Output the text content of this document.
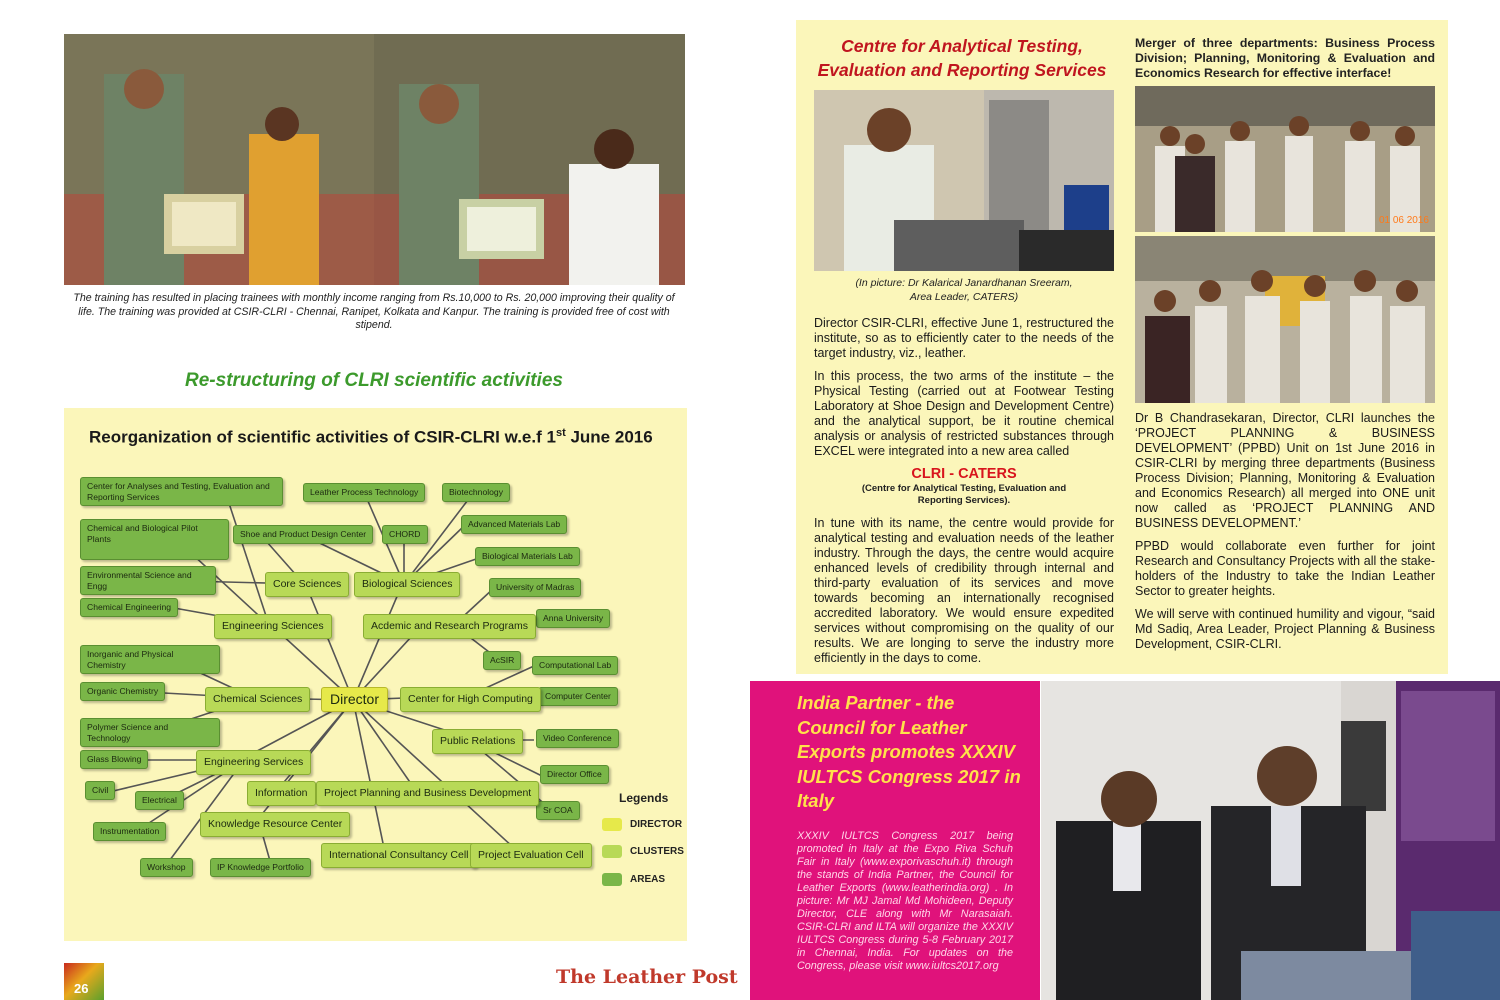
The training has resulted in placing trainees with monthly income ranging from Rs.10,000 to Rs. 20,000 improving their quality of life. The training was provided at CSIR-CLRI - Chennai, Ranipet, Kolkata and Kanpur. The training is provided free of cost with stipend.
Re-structuring of CLRI scientific activities
Reorganization of scientific activities of CSIR-CLRI w.e.f 1st June 2016
Center for Analyses and Testing, Evaluation and Reporting Services	Leather Process Technology	Biotechnology
Chemical and Biological Pilot Plants	Shoe and Product Design Center	CHORD
Advanced Materials Lab
Biological Materials Lab
Environmental Science and Engg	University of Madras
Chemical Engineering
Anna University
Inorganic and Physical Chemistry	AcSIR	Computational Lab
Organic Chemistry	Computer Center
Polymer Science and Technology	Video Conference
Glass Blowing
Director Office
Civil
Electrical
Sr COA
Instrumentation
Workshop	IP Knowledge Portfolio
Core Sciences	Biological Sciences
Engineering Sciences	Acdemic and Research Programs
Chemical Sciences	Center for High Computing
Public Relations
Engineering Services
Information	Project Planning and Business Development
Knowledge Resource Center
International Consultancy Cell Project Evaluation Cell
Director
Legends
DIRECTOR
CLUSTERS
AREAS
26
The Leather Post
Centre for Analytical Testing, Evaluation and Reporting Services
Merger of three departments: Business Process Division; Planning, Monitoring & Evaluation and Economics Research for effective interface!
(In picture: Dr Kalarical Janardhanan Sreeram,
Area Leader, CATERS)
01 06 2016
Director CSIR-CLRI, effective June 1, restructured the institute, so as to efficiently cater to the needs of the target industry, viz., leather.
In this process, the two arms of the institute – the Physical Testing (carried out at Footwear Testing Laboratory at Shoe Design and Development Centre) and the analytical support, be it routine chemical analysis or analysis of restricted substances through EXCEL were integrated into a new area called
CLRI - CATERS
(Centre for Analytical Testing, Evaluation and Reporting Services).
In tune with its name, the centre would provide for analytical testing and evaluation needs of the leather industry. Through the days, the centre would acquire enhanced levels of credibility through internal and third-party evaluation of its services and move towards becoming an internationally recognised accredited laboratory. We would ensure expedited services without compromising on the quality of our results. We are longing to serve the industry more efficiently in the days to come.
Dr B Chandrasekaran, Director, CLRI launches the ‘PROJECT PLANNING & BUSINESS DEVELOPMENT’ (PPBD) Unit on 1st June 2016 in CSIR-CLRI by merging three departments (Business Process Division; Planning, Monitoring & Evaluation and Economics Research) all merged into ONE unit now called as ‘PROJECT PLANNING AND BUSINESS DEVELOPMENT.’
PPBD would collaborate even further for joint Research and Consultancy Projects with all the stake-holders of the Industry to take the Indian Leather Sector to greater heights.
We will serve with continued humility and vigour, “said Md Sadiq, Area Leader, Project Planning & Business Development, CSIR-CLRI.
India Partner - the Council for Leather Exports promotes XXXIV IULTCS Congress 2017 in Italy
XXXIV IULTCS Congress 2017 being promoted in Italy at the Expo Riva Schuh Fair in Italy (www.exporivaschuh.it) through the stands of India Partner, the Council for Leather Exports (www.leatherindia.org) . In picture: Mr MJ Jamal Md Mohideen, Deputy Director, CLE along with Mr Narasaiah. CSIR-CLRI and ILTA will organize the XXXIV IULTCS Congress during 5-8 February 2017 in Chennai, India. For updates on the Congress, please visit www.iultcs2017.org
